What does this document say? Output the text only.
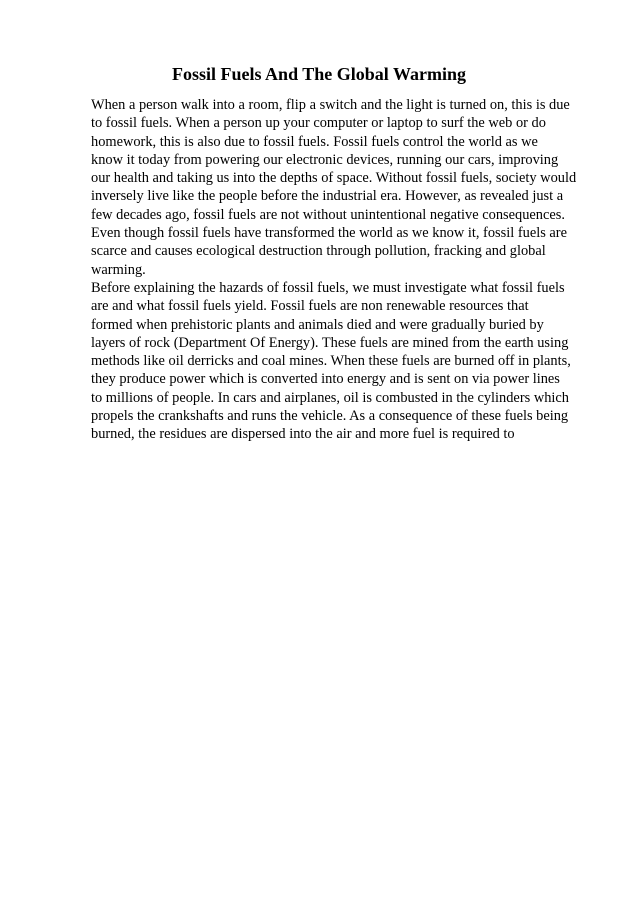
Fossil Fuels And The Global Warming
When a person walk into a room, flip a switch and the light is turned on, this is due
to fossil fuels. When a person up your computer or laptop to surf the web or do
homework, this is also due to fossil fuels. Fossil fuels control the world as we
know it today from powering our electronic devices, running our cars, improving
our health and taking us into the depths of space. Without fossil fuels, society would
inversely live like the people before the industrial era. However, as revealed just a
few decades ago, fossil fuels are not without unintentional negative consequences.
Even though fossil fuels have transformed the world as we know it, fossil fuels are
scarce and causes ecological destruction through pollution, fracking and global
warming.
Before explaining the hazards of fossil fuels, we must investigate what fossil fuels
are and what fossil fuels yield. Fossil fuels are non renewable resources that
formed when prehistoric plants and animals died and were gradually buried by
layers of rock (Department Of Energy). These fuels are mined from the earth using
methods like oil derricks and coal mines. When these fuels are burned off in plants,
they produce power which is converted into energy and is sent on via power lines
to millions of people. In cars and airplanes, oil is combusted in the cylinders which
propels the crankshafts and runs the vehicle. As a consequence of these fuels being
burned, the residues are dispersed into the air and more fuel is required to
